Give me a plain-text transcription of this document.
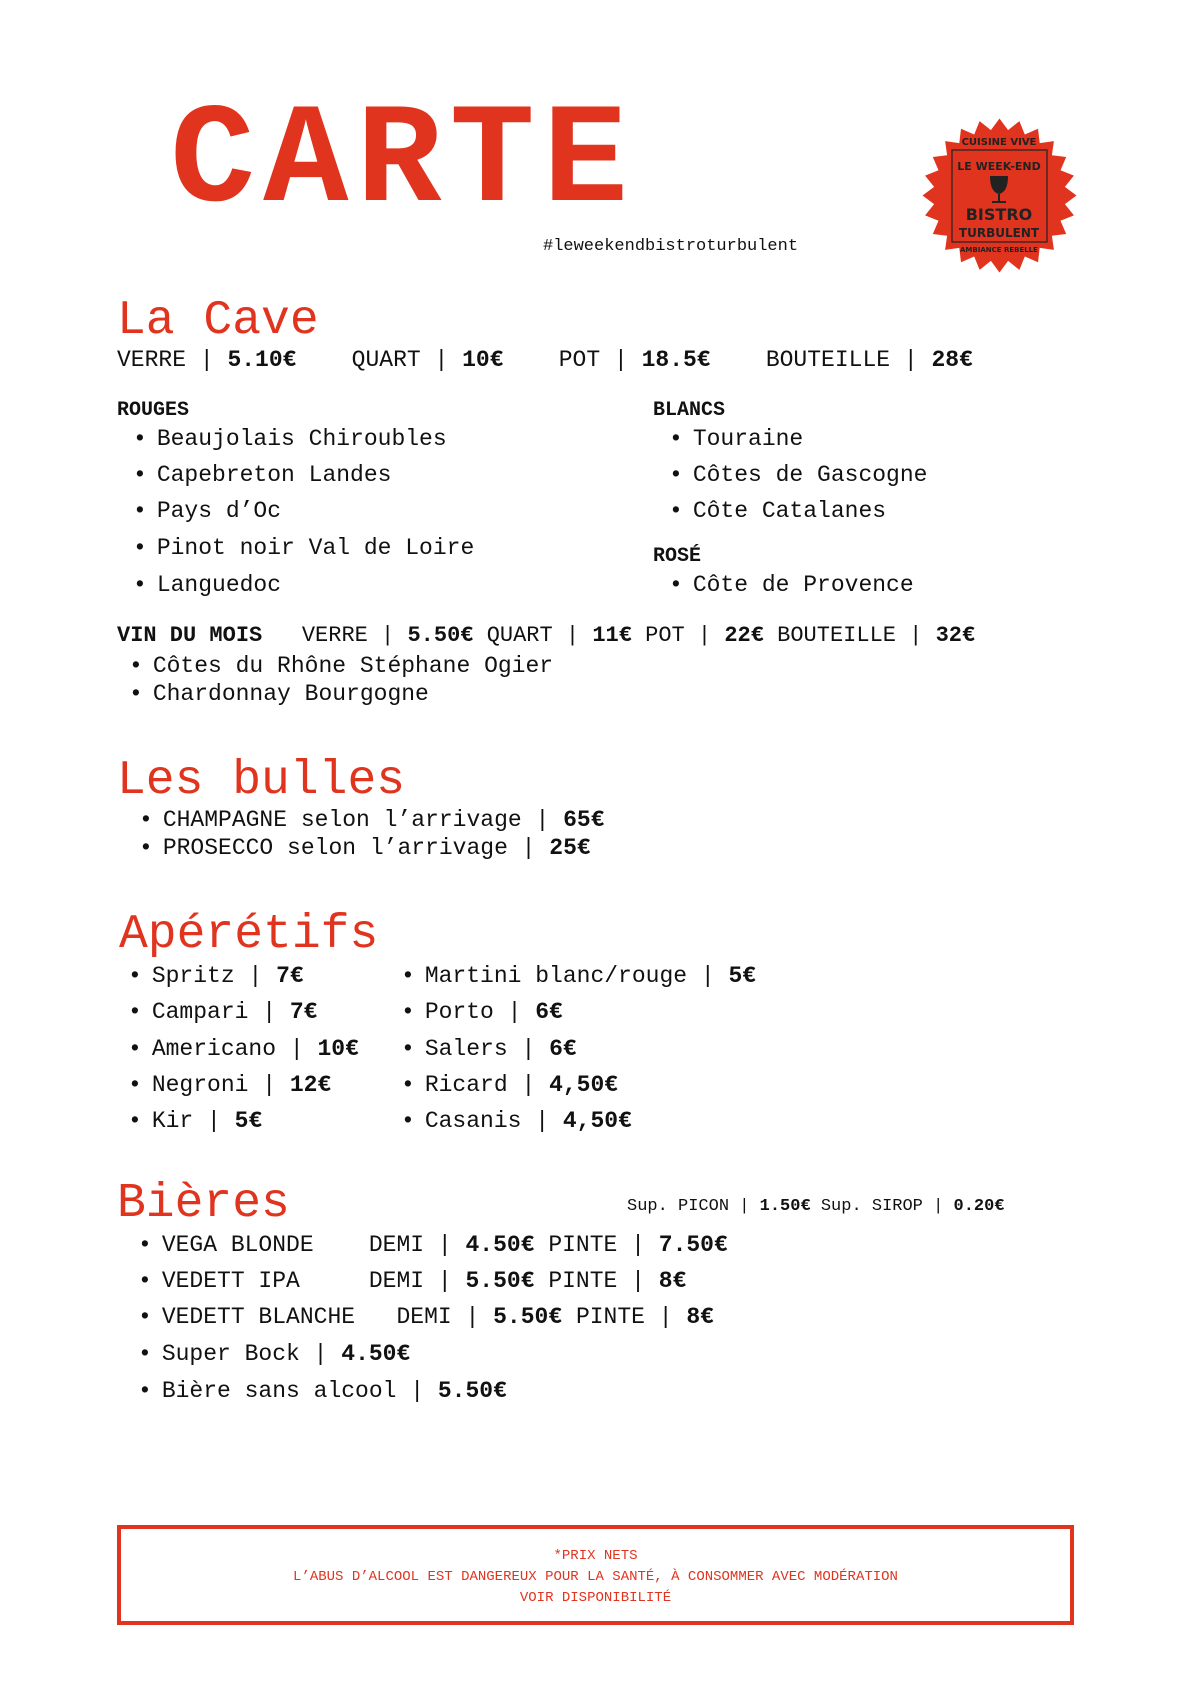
CARTE
#leweekendbistroturbulent
CUISINE VIVE
LE WEEK-END
BISTRO
TURBULENT
AMBIANCE REBELLE
La Cave
VERRE | 5.10€ QUART | 10€ POT | 18.5€ BOUTEILLE | 28€
ROUGES
• Beaujolais Chiroubles
• Capebreton Landes
• Pays d’Oc
• Pinot noir Val de Loire
• Languedoc
BLANCS
• Touraine
• Côtes de Gascogne
• Côte Catalanes
ROSÉ
• Côte de Provence
VIN DU MOIS VERRE | 5.50€ QUART | 11€ POT | 22€ BOUTEILLE | 32€
• Côtes du Rhône Stéphane Ogier
• Chardonnay Bourgogne
Les bulles
• CHAMPAGNE selon l’arrivage | 65€
• PROSECCO selon l’arrivage | 25€
Apérétifs
• Spritz | 7€
• Campari | 7€
• Americano | 10€
• Negroni | 12€
• Kir | 5€
• Martini blanc/rouge | 5€
• Porto | 6€
• Salers | 6€
• Ricard | 4,50€
• Casanis | 4,50€
Bières	Sup. PICON | 1.50€ Sup. SIROP | 0.20€
• VEGA BLONDE DEMI | 4.50€ PINTE | 7.50€
• VEDETT IPA	DEMI | 5.50€ PINTE | 8€
• VEDETT BLANCHE DEMI | 5.50€ PINTE | 8€
• Super Bock | 4.50€
• Bière sans alcool | 5.50€
*PRIX NETS
L’ABUS D’ALCOOL EST DANGEREUX POUR LA SANTÉ, À CONSOMMER AVEC MODÉRATION
VOIR DISPONIBILITÉ
